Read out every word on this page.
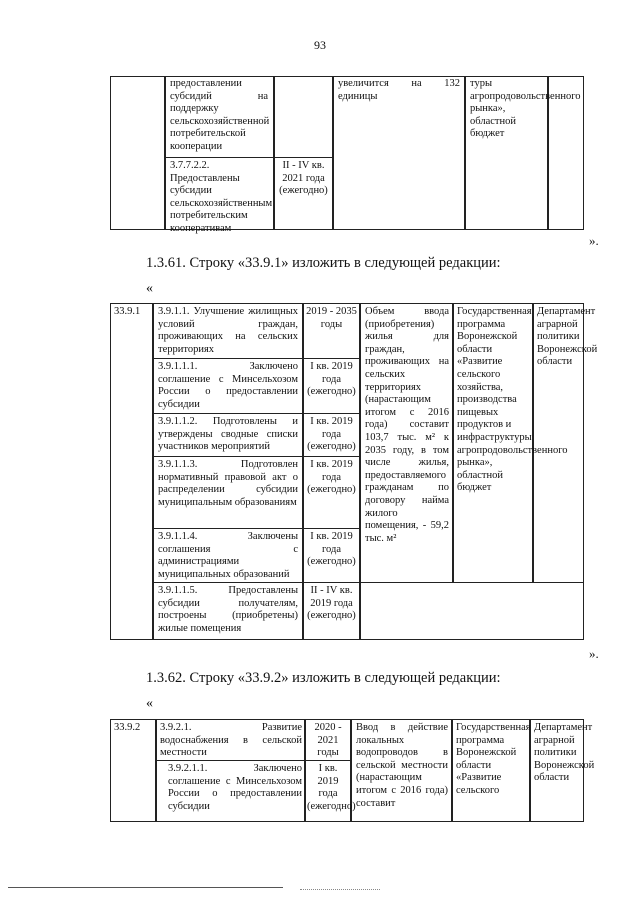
93
предоставлении субсидий на поддержку сельскохозяйственной потребительской кооперации
увеличится на 132 единицы
туры агропродовольственного рынка», областной бюджет
3.7.7.2.2. Предоставлены субсидии сельскохозяйственным потребительским кооперативам
II - IV кв. 2021 года (ежегодно)
».
1.3.61. Строку «33.9.1» изложить в следующей редакции:
«
33.9.1	3.9.1.1. Улучшение жилищных условий граждан, проживающих на сельских территориях
2019 - 2035 годы
3.9.1.1.1. Заключено соглашение с Минсельхозом России о предоставлении субсидии
I кв. 2019 года (ежегодно)
3.9.1.1.2. Подготовлены и утверждены сводные списки участников мероприятий
I кв. 2019 года (ежегодно)
3.9.1.1.3. Подготовлен нормативный правовой акт о распределении субсидии муниципальным образованиям
I кв. 2019 года (ежегодно)
3.9.1.1.4. Заключены соглашения с администрациями муниципальных образований
I кв. 2019 года (ежегодно)
3.9.1.1.5. Предоставлены субсидии получателям, построены (приобретены) жилые помещения
II - IV кв. 2019 года (ежегодно)
Объем ввода (приобретения) жилья для граждан, проживающих на сельских территориях (нарастающим итогом с 2016 года) составит 103,7 тыс. м² к 2035 году, в том числе жилья, предоставляемого гражданам по договору найма жилого помещения, - 59,2 тыс. м²
Государственная программа Воронежской области «Развитие сельского хозяйства, производства пищевых продуктов и инфраструктуры агропродовольственного рынка», областной бюджет
Департамент аграрной политики Воронежской области
».
1.3.62. Строку «33.9.2» изложить в следующей редакции:
«
33.9.2	3.9.2.1. Развитие водоснабжения в сельской местности
2020 - 2021 годы
3.9.2.1.1. Заключено соглашение с Минсельхозом России о предоставлении субсидии
I кв. 2019 года (ежегодно)
Ввод в действие локальных водопроводов в сельской местности (нарастающим итогом с 2016 года) составит
Государственная программа Воронежской области «Развитие сельского
Департамент аграрной политики Воронежской области
